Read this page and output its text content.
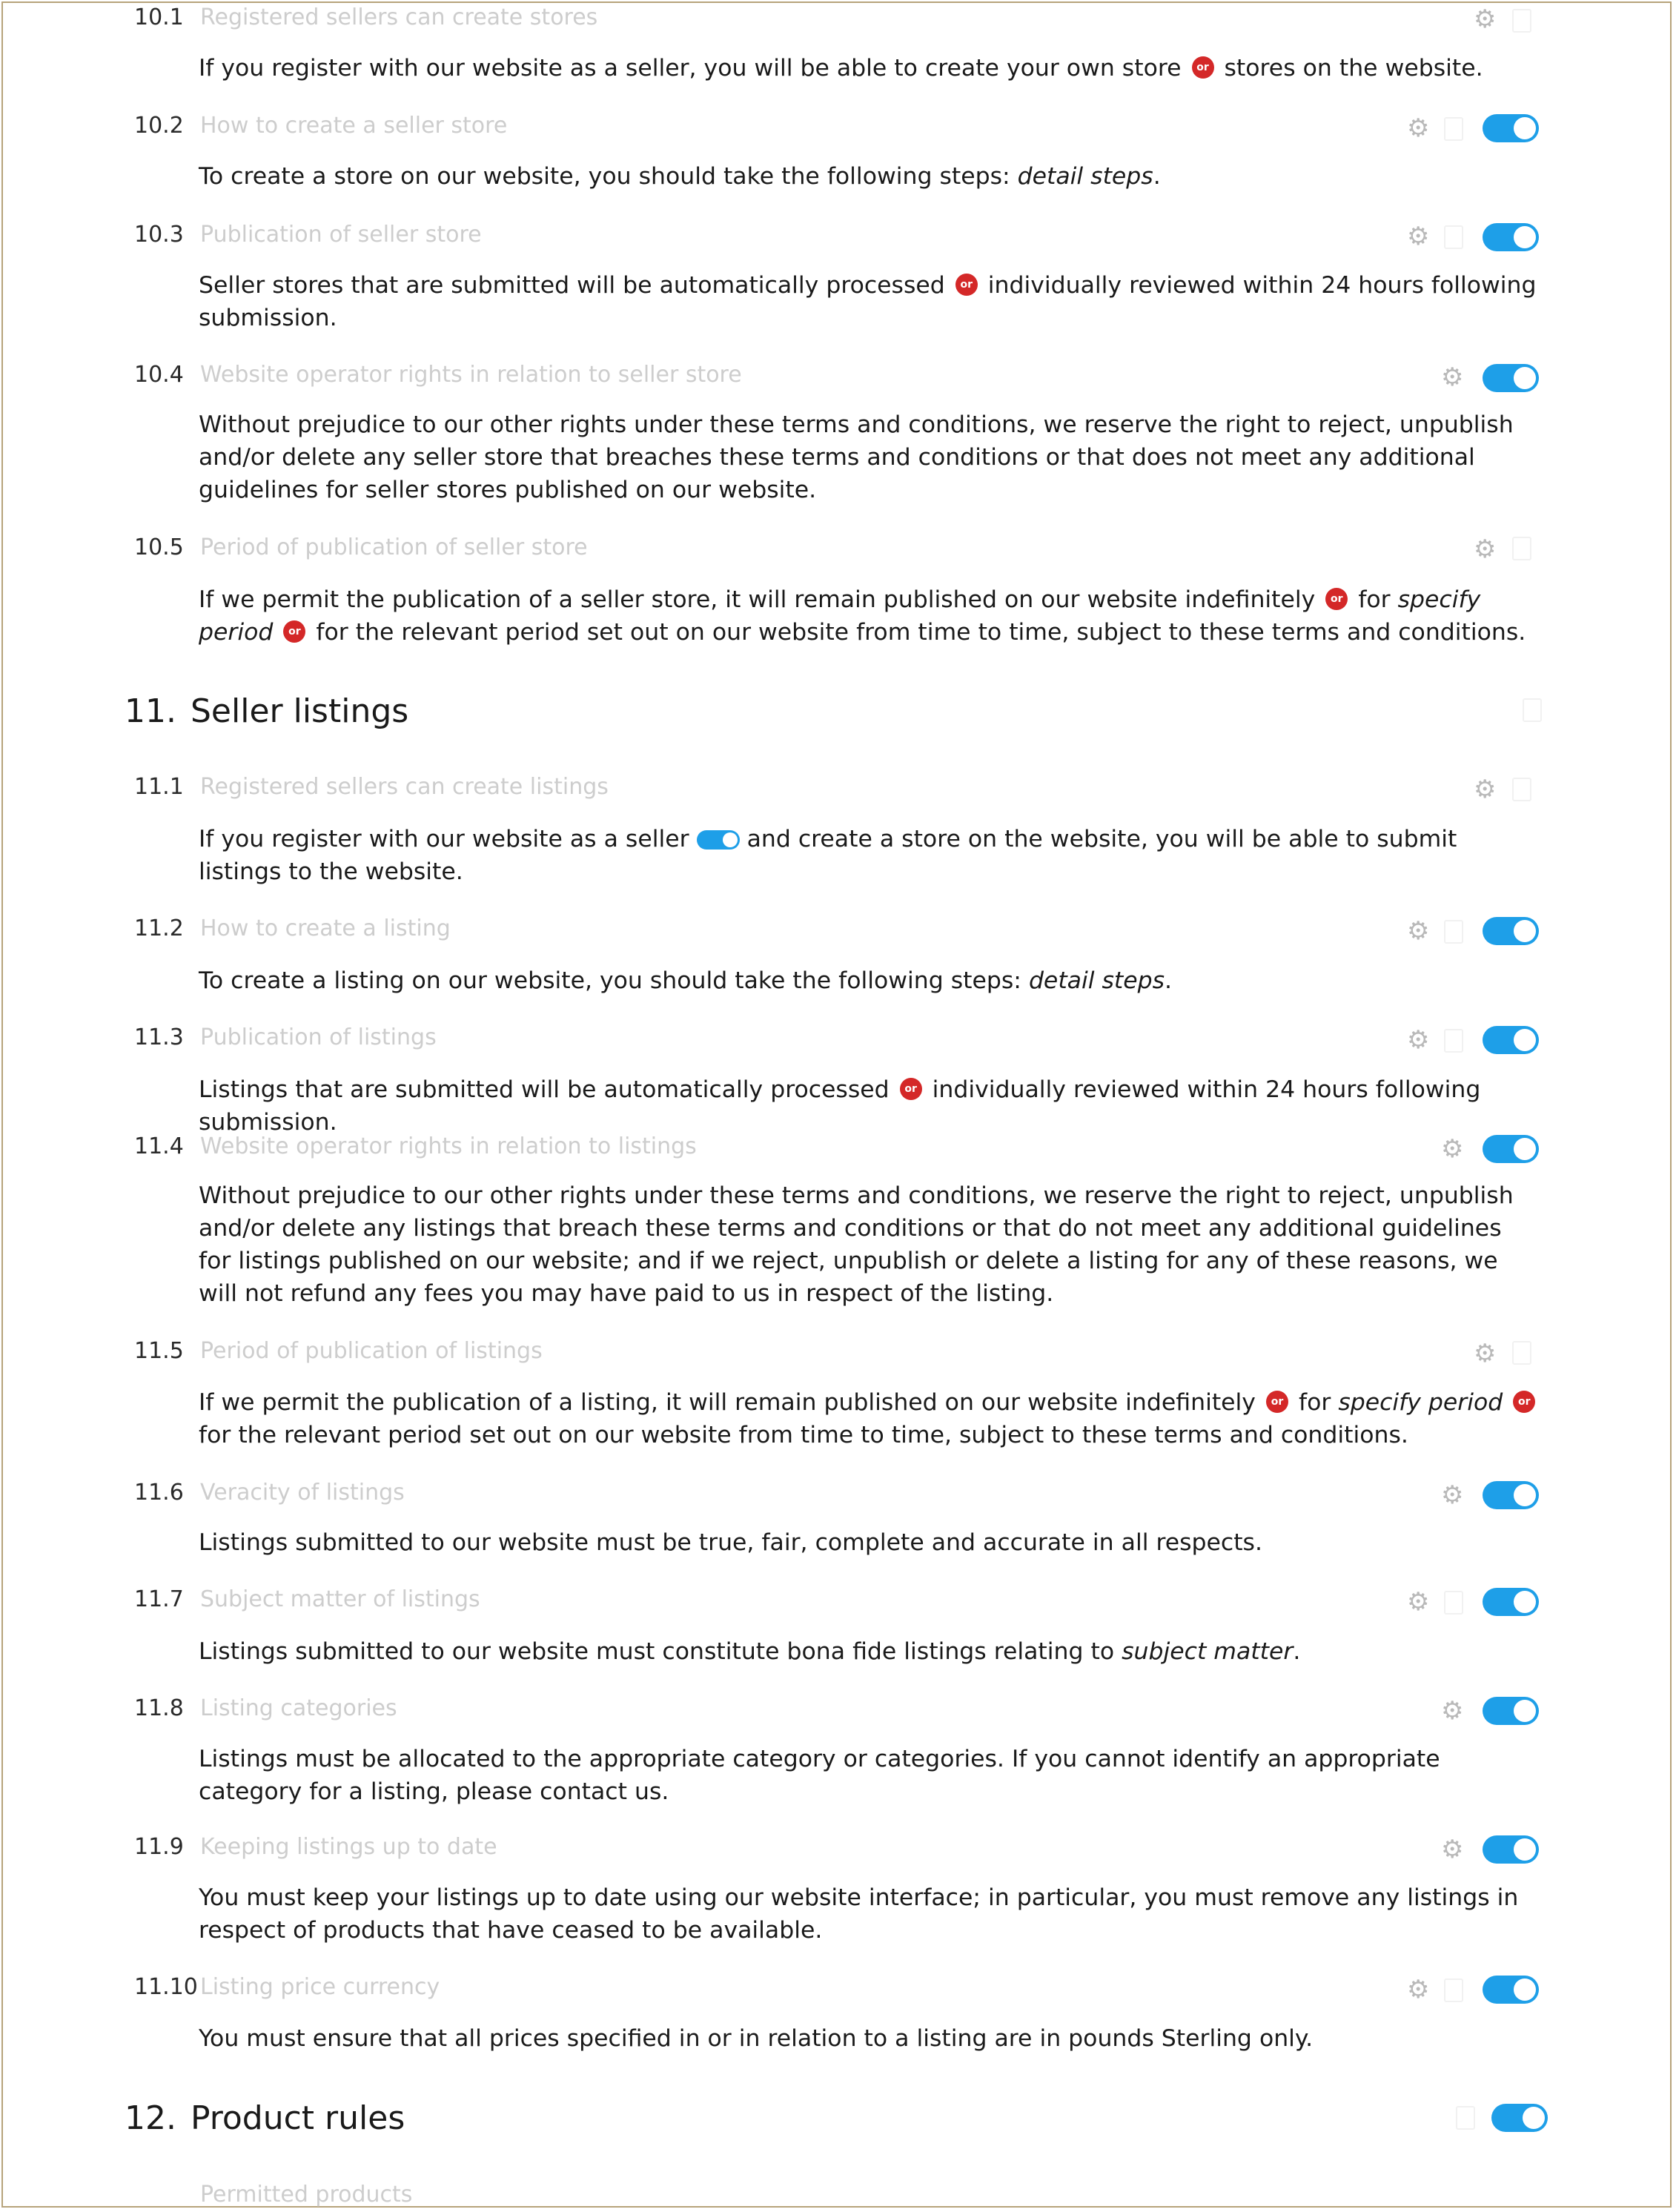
10.1 Registered sellers can create stores	⚙
If you register with our website as a seller, you will be able to create your own store or stores on the website.
10.2 How to create a seller store	⚙
To create a store on our website, you should take the following steps: detail steps.
10.3 Publication of seller store	⚙
Seller stores that are submitted will be automatically processed or individually reviewed within 24 hours following submission.
10.4 Website operator rights in relation to seller store	⚙
Without prejudice to our other rights under these terms and conditions, we reserve the right to reject, unpublish and/or delete any seller store that breaches these terms and conditions or that does not meet any additional guidelines for seller stores published on our website.
10.5 Period of publication of seller store	⚙
If we permit the publication of a seller store, it will remain published on our website indefinitely or for specify period or for the relevant period set out on our website from time to time, subject to these terms and conditions.
11. Seller listings
11.1 Registered sellers can create listings	⚙
If you register with our website as a seller and create a store on the website, you will be able to submit listings to the website.
11.2 How to create a listing	⚙
To create a listing on our website, you should take the following steps: detail steps.
11.3 Publication of listings	⚙
Listings that are submitted will be automatically processed or individually reviewed within 24 hours following submission.
11.4 Website operator rights in relation to listings	⚙
Without prejudice to our other rights under these terms and conditions, we reserve the right to reject, unpublish and/or delete any listings that breach these terms and conditions or that do not meet any additional guidelines for listings published on our website; and if we reject, unpublish or delete a listing for any of these reasons, we will not refund any fees you may have paid to us in respect of the listing.
11.5 Period of publication of listings	⚙
If we permit the publication of a listing, it will remain published on our website indefinitely or for specify period or for the relevant period set out on our website from time to time, subject to these terms and conditions.
11.6 Veracity of listings	⚙
Listings submitted to our website must be true, fair, complete and accurate in all respects.
11.7 Subject matter of listings	⚙
Listings submitted to our website must constitute bona fide listings relating to subject matter.
11.8 Listing categories	⚙
Listings must be allocated to the appropriate category or categories. If you cannot identify an appropriate category for a listing, please contact us.
11.9 Keeping listings up to date	⚙
You must keep your listings up to date using our website interface; in particular, you must remove any listings in respect of products that have ceased to be available.
11.10 Listing price currency	⚙
You must ensure that all prices specified in or in relation to a listing are in pounds Sterling only.
12. Product rules
Permitted products
